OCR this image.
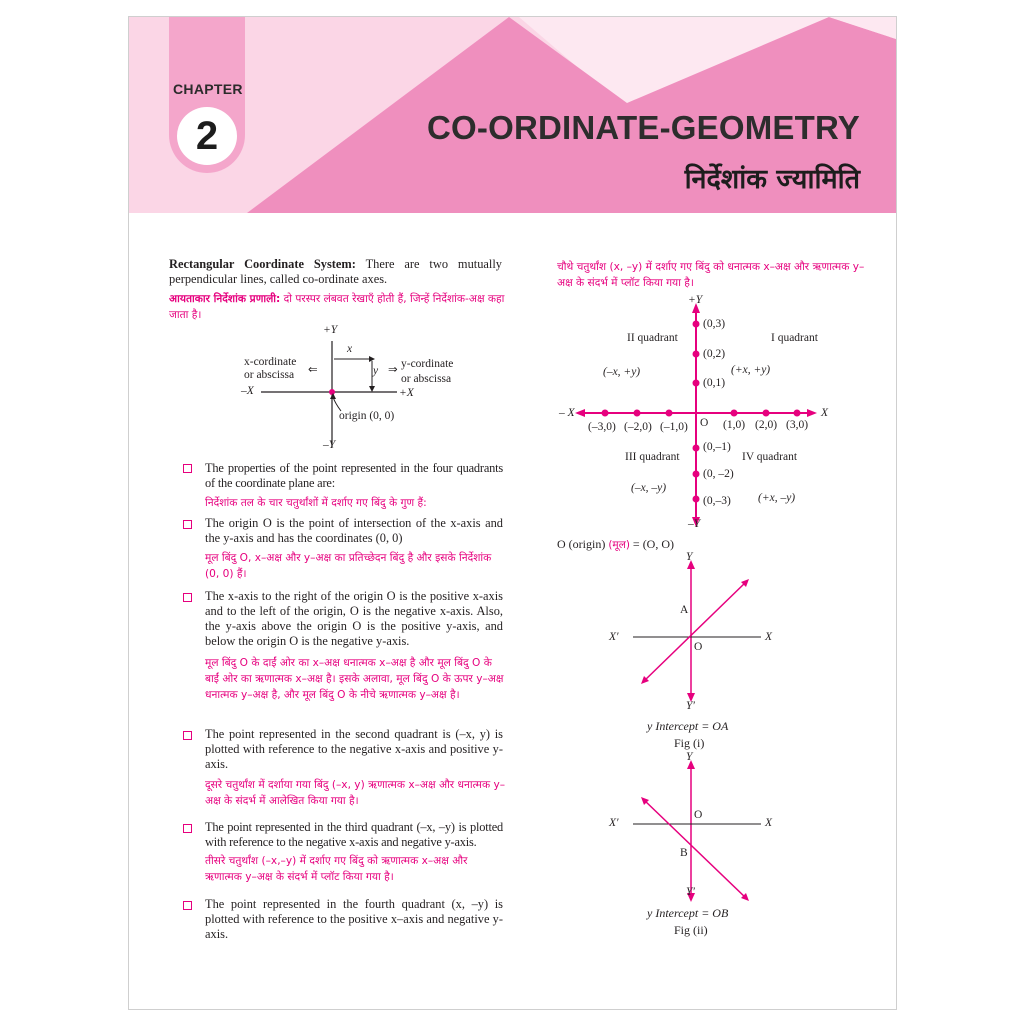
CHAPTER
2	CO-ORDINATE-GEOMETRY
निर्देशांक ज्यामिति
Rectangular Coordinate System: There are two mutually perpendicular lines, called co-ordinate axes.
आयताकार निर्देशांक प्रणाली: दो परस्पर लंबवत रेखाएँ होती हैं, जिन्हें निर्देशांक-अक्ष कहा जाता है।
+Y
–Y
–X	+X
x
y
x-cordinate
or abscissa ⇐	⇒ y-cordinate
or abscissa
origin (0, 0)
The properties of the point represented in the four quadrants of the coordinate plane are:
निर्देशांक तल के चार चतुर्थांशों में दर्शाए गए बिंदु के गुण हैं:
The origin O is the point of intersection of the x-axis and the y-axis and has the coordinates (0, 0)
मूल बिंदु O, x–अक्ष और y–अक्ष का प्रतिच्छेदन बिंदु है और इसके निर्देशांक (0, 0) हैं।
The x-axis to the right of the origin O is the positive x-axis and to the left of the origin, O is the negative x-axis. Also, the y-axis above the origin O is the positive y-axis, and below the origin O is the negative y-axis.
मूल बिंदु O के दाईं ओर का x–अक्ष धनात्मक x–अक्ष है और मूल बिंदु O के बाईं ओर का ऋणात्मक x–अक्ष है। इसके अलावा, मूल बिंदु O के ऊपर y–अक्ष धनात्मक y–अक्ष है, और मूल बिंदु O के नीचे ऋणात्मक y–अक्ष है।
The point represented in the second quadrant is (–x, y) is plotted with reference to the negative x-axis and positive y-axis.
दूसरे चतुर्थांश में दर्शाया गया बिंदु (–x, y) ऋणात्मक x–अक्ष और धनात्मक y–अक्ष के संदर्भ में आलेखित किया गया है।
The point represented in the third quadrant (–x, –y) is plotted with reference to the negative x-axis and negative y-axis.
तीसरे चतुर्थांश (–x,–y) में दर्शाए गए बिंदु को ऋणात्मक x–अक्ष और ऋणात्मक y–अक्ष के संदर्भ में प्लॉट किया गया है।
The point represented in the fourth quadrant (x, –y) is plotted with reference to the positive x–axis and negative y-axis.
चौथे चतुर्थांश (x, –y) में दर्शाए गए बिंदु को धनात्मक x–अक्ष और ऋणात्मक y–अक्ष के संदर्भ में प्लॉट किया गया है।
+Y
–Y
– X	X
O
II quadrant	I quadrant
III quadrant	IV quadrant
(–x, +y)	(+x, +y)
(–x, –y)
(+x, –y)
(0,3)
(0,2)
(0,1)
(0,–1)
(0, –2)
(0,–3)
(–3,0) (–2,0) (–1,0)	(1,0) (2,0) (3,0)
O (origin) (मूल) = (O, O)
Y
Y′
X′	X
A
O
y Intercept = OA
Fig (i)
Y
Y′
X′	X
O
B
y Intercept = OB
Fig (ii)
